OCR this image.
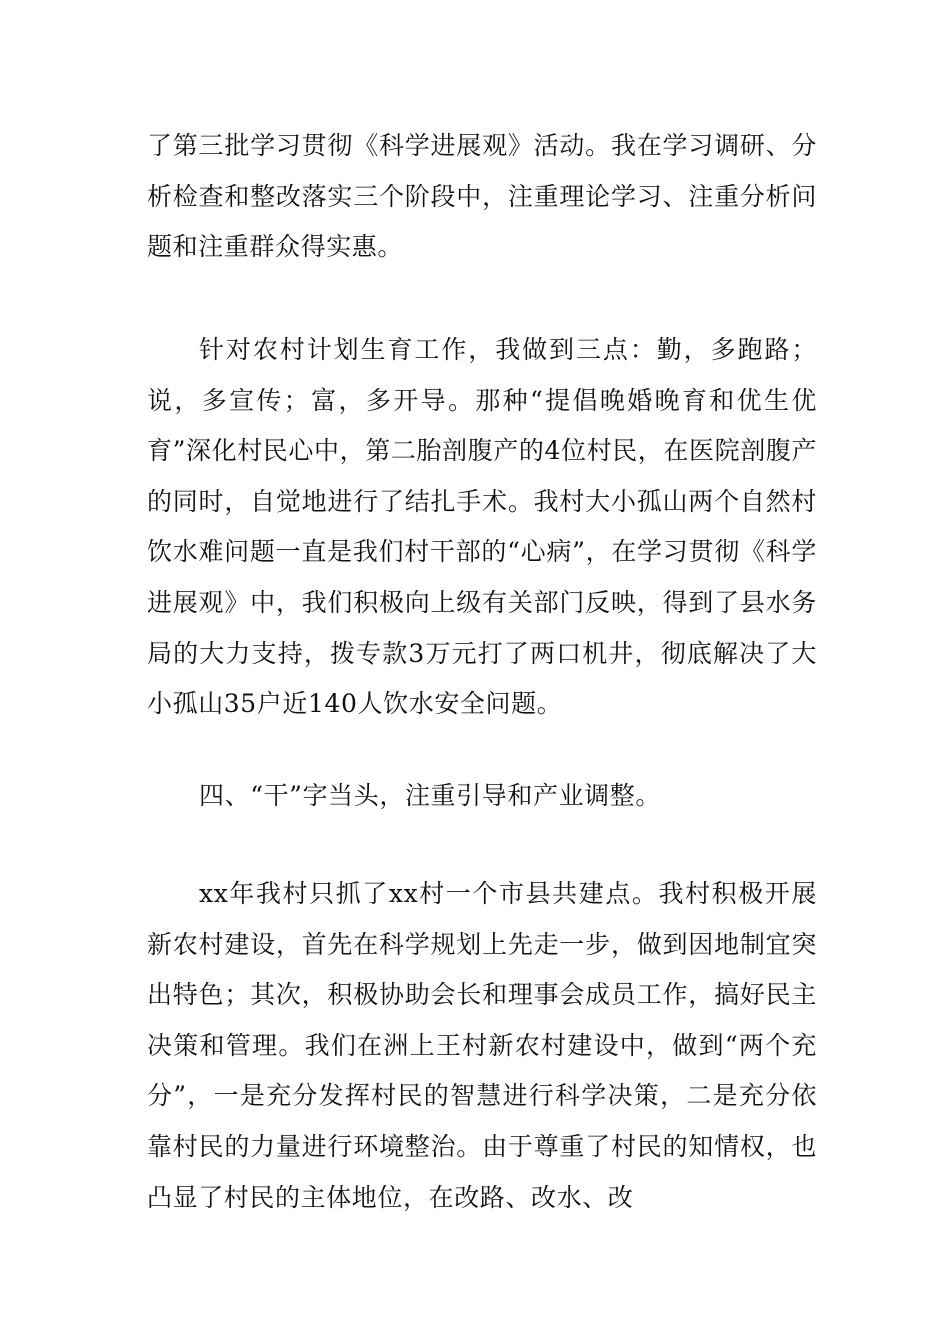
了第三批学习贯彻《科学进展观》活动。我在学习调研、分析检查和整改落实三个阶段中，注重理论学习、注重分析问题和注重群众得实惠。

针对农村计划生育工作，我做到三点：勤，多跑路；说，多宣传；富，多开导。那种“提倡晚婚晚育和优生优育”深化村民心中，第二胎剖腹产的4位村民，在医院剖腹产的同时，自觉地进行了结扎手术。我村大小孤山两个自然村饮水难问题一直是我们村干部的“心病”，在学习贯彻《科学进展观》中，我们积极向上级有关部门反映，得到了县水务局的大力支持，拨专款3万元打了两口机井，彻底解决了大小孤山35户近140人饮水安全问题。

四、“干”字当头，注重引导和产业调整。

xx年我村只抓了xx村一个市县共建点。我村积极开展新农村建设，首先在科学规划上先走一步，做到因地制宜突出特色；其次，积极协助会长和理事会成员工作，搞好民主决策和管理。我们在洲上王村新农村建设中，做到“两个充分”，一是充分发挥村民的智慧进行科学决策，二是充分依靠村民的力量进行环境整治。由于尊重了村民的知情权，也凸显了村民的主体地位，在改路、改水、改
